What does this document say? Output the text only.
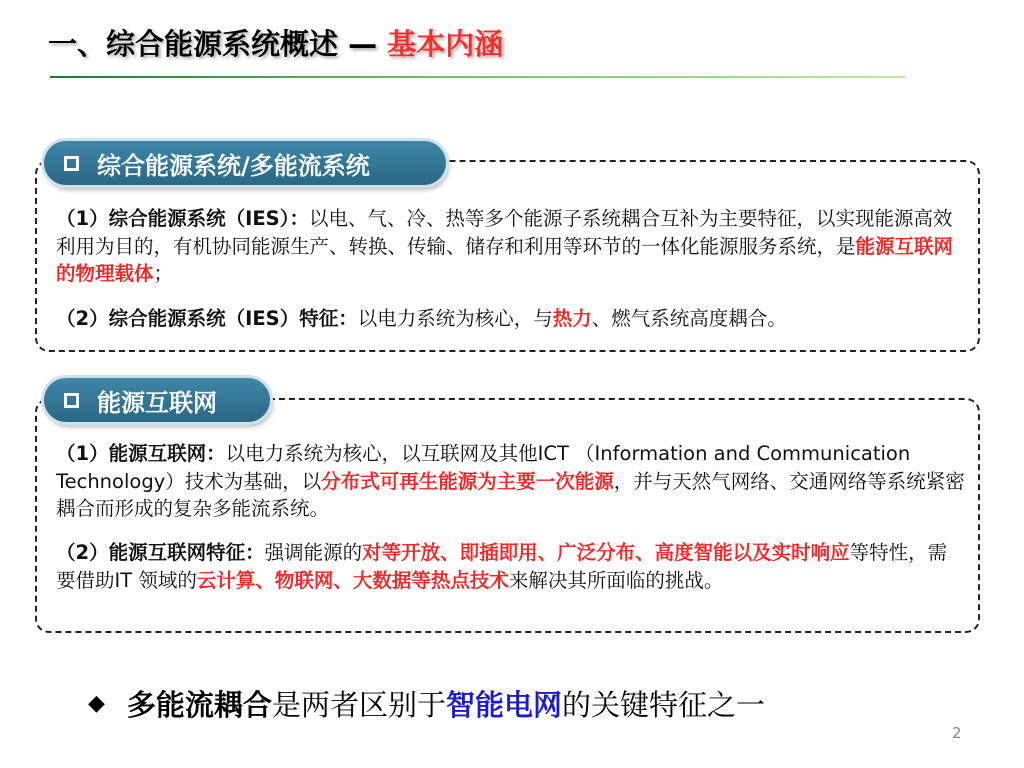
一、综合能源系统概述 — 基本内涵
综合能源系统/多能流系统
（1）综合能源系统（IES）：以电、气、冷、热等多个能源子系统耦合互补为主要特征，以实现能源高效利用为目的，有机协同能源生产、转换、传输、储存和利用等环节的一体化能源服务系统，是能源互联网的物理载体；
（2）综合能源系统（IES）特征：以电力系统为核心，与热力、燃气系统高度耦合。
能源互联网
（1）能源互联网：以电力系统为核心，以互联网及其他ICT （Information and Communication Technology）技术为基础，以分布式可再生能源为主要一次能源，并与天然气网络、交通网络等系统紧密耦合而形成的复杂多能流系统。
（2）能源互联网特征：强调能源的对等开放、即插即用、广泛分布、高度智能以及实时响应等特性，需要借助IT 领域的云计算、物联网、大数据等热点技术来解决其所面临的挑战。
◆ 多能流耦合 是两者区别于 智能电网 的关键特征之一
2
